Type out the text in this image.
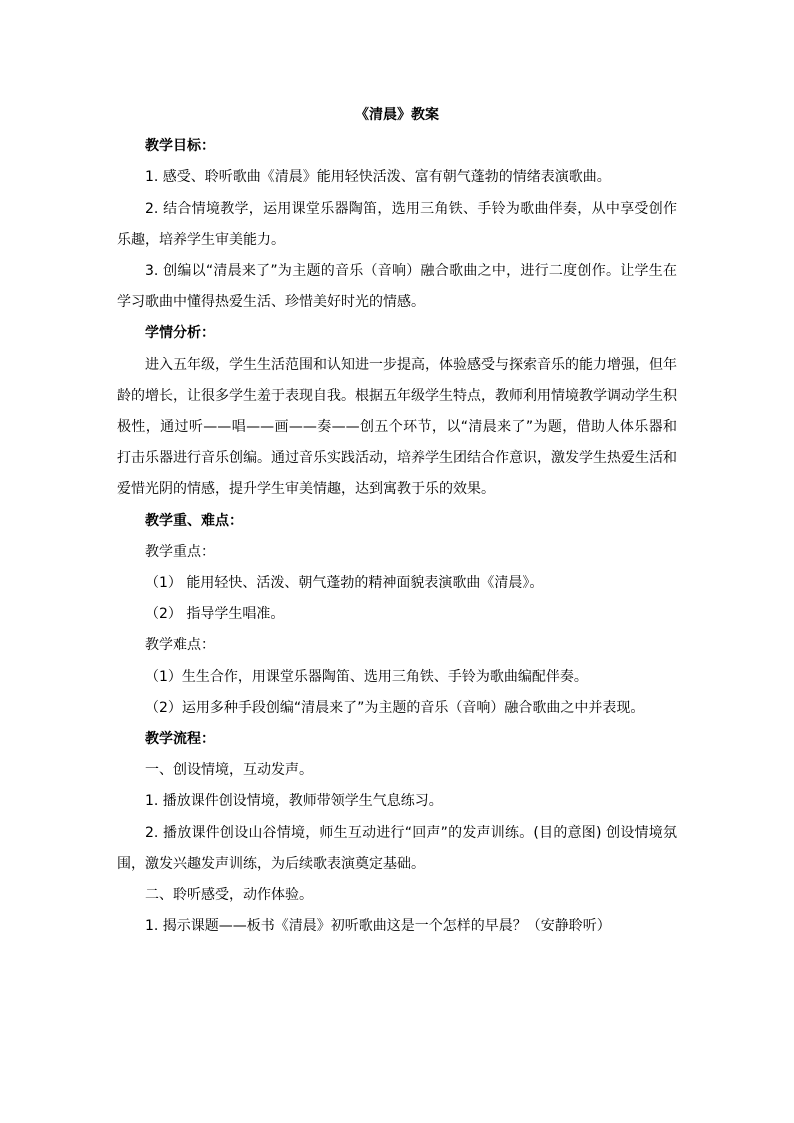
《清晨》教案
教学目标：
1. 感受、聆听歌曲《清晨》能用轻快活泼、富有朝气蓬勃的情绪表演歌曲。
2. 结合情境教学，运用课堂乐器陶笛，选用三角铁、手铃为歌曲伴奏，从中享受创作乐趣，培养学生审美能力。
3. 创编以“清晨来了”为主题的音乐（音响）融合歌曲之中，进行二度创作。让学生在学习歌曲中懂得热爱生活、珍惜美好时光的情感。
学情分析：
进入五年级，学生生活范围和认知进一步提高，体验感受与探索音乐的能力增强，但年龄的增长，让很多学生羞于表现自我。根据五年级学生特点，教师利用情境教学调动学生积极性，通过听——唱——画——奏——创五个环节，以“清晨来了”为题，借助人体乐器和打击乐器进行音乐创编。通过音乐实践活动，培养学生团结合作意识，激发学生热爱生活和爱惜光阴的情感，提升学生审美情趣，达到寓教于乐的效果。
教学重、难点：
教学重点：
（1） 能用轻快、活泼、朝气蓬勃的精神面貌表演歌曲《清晨》。
（2） 指导学生唱准。
教学难点：
（1）生生合作，用课堂乐器陶笛、选用三角铁、手铃为歌曲编配伴奏。
（2）运用多种手段创编“清晨来了”为主题的音乐（音响）融合歌曲之中并表现。
教学流程：
一、创设情境，互动发声。
1. 播放课件创设情境，教师带领学生气息练习。
2. 播放课件创设山谷情境，师生互动进行“回声”的发声训练。(目的意图) 创设情境氛围，激发兴趣发声训练，为后续歌表演奠定基础。
二、聆听感受，动作体验。
1. 揭示课题——板书《清晨》初听歌曲这是一个怎样的早晨？（安静聆听）
